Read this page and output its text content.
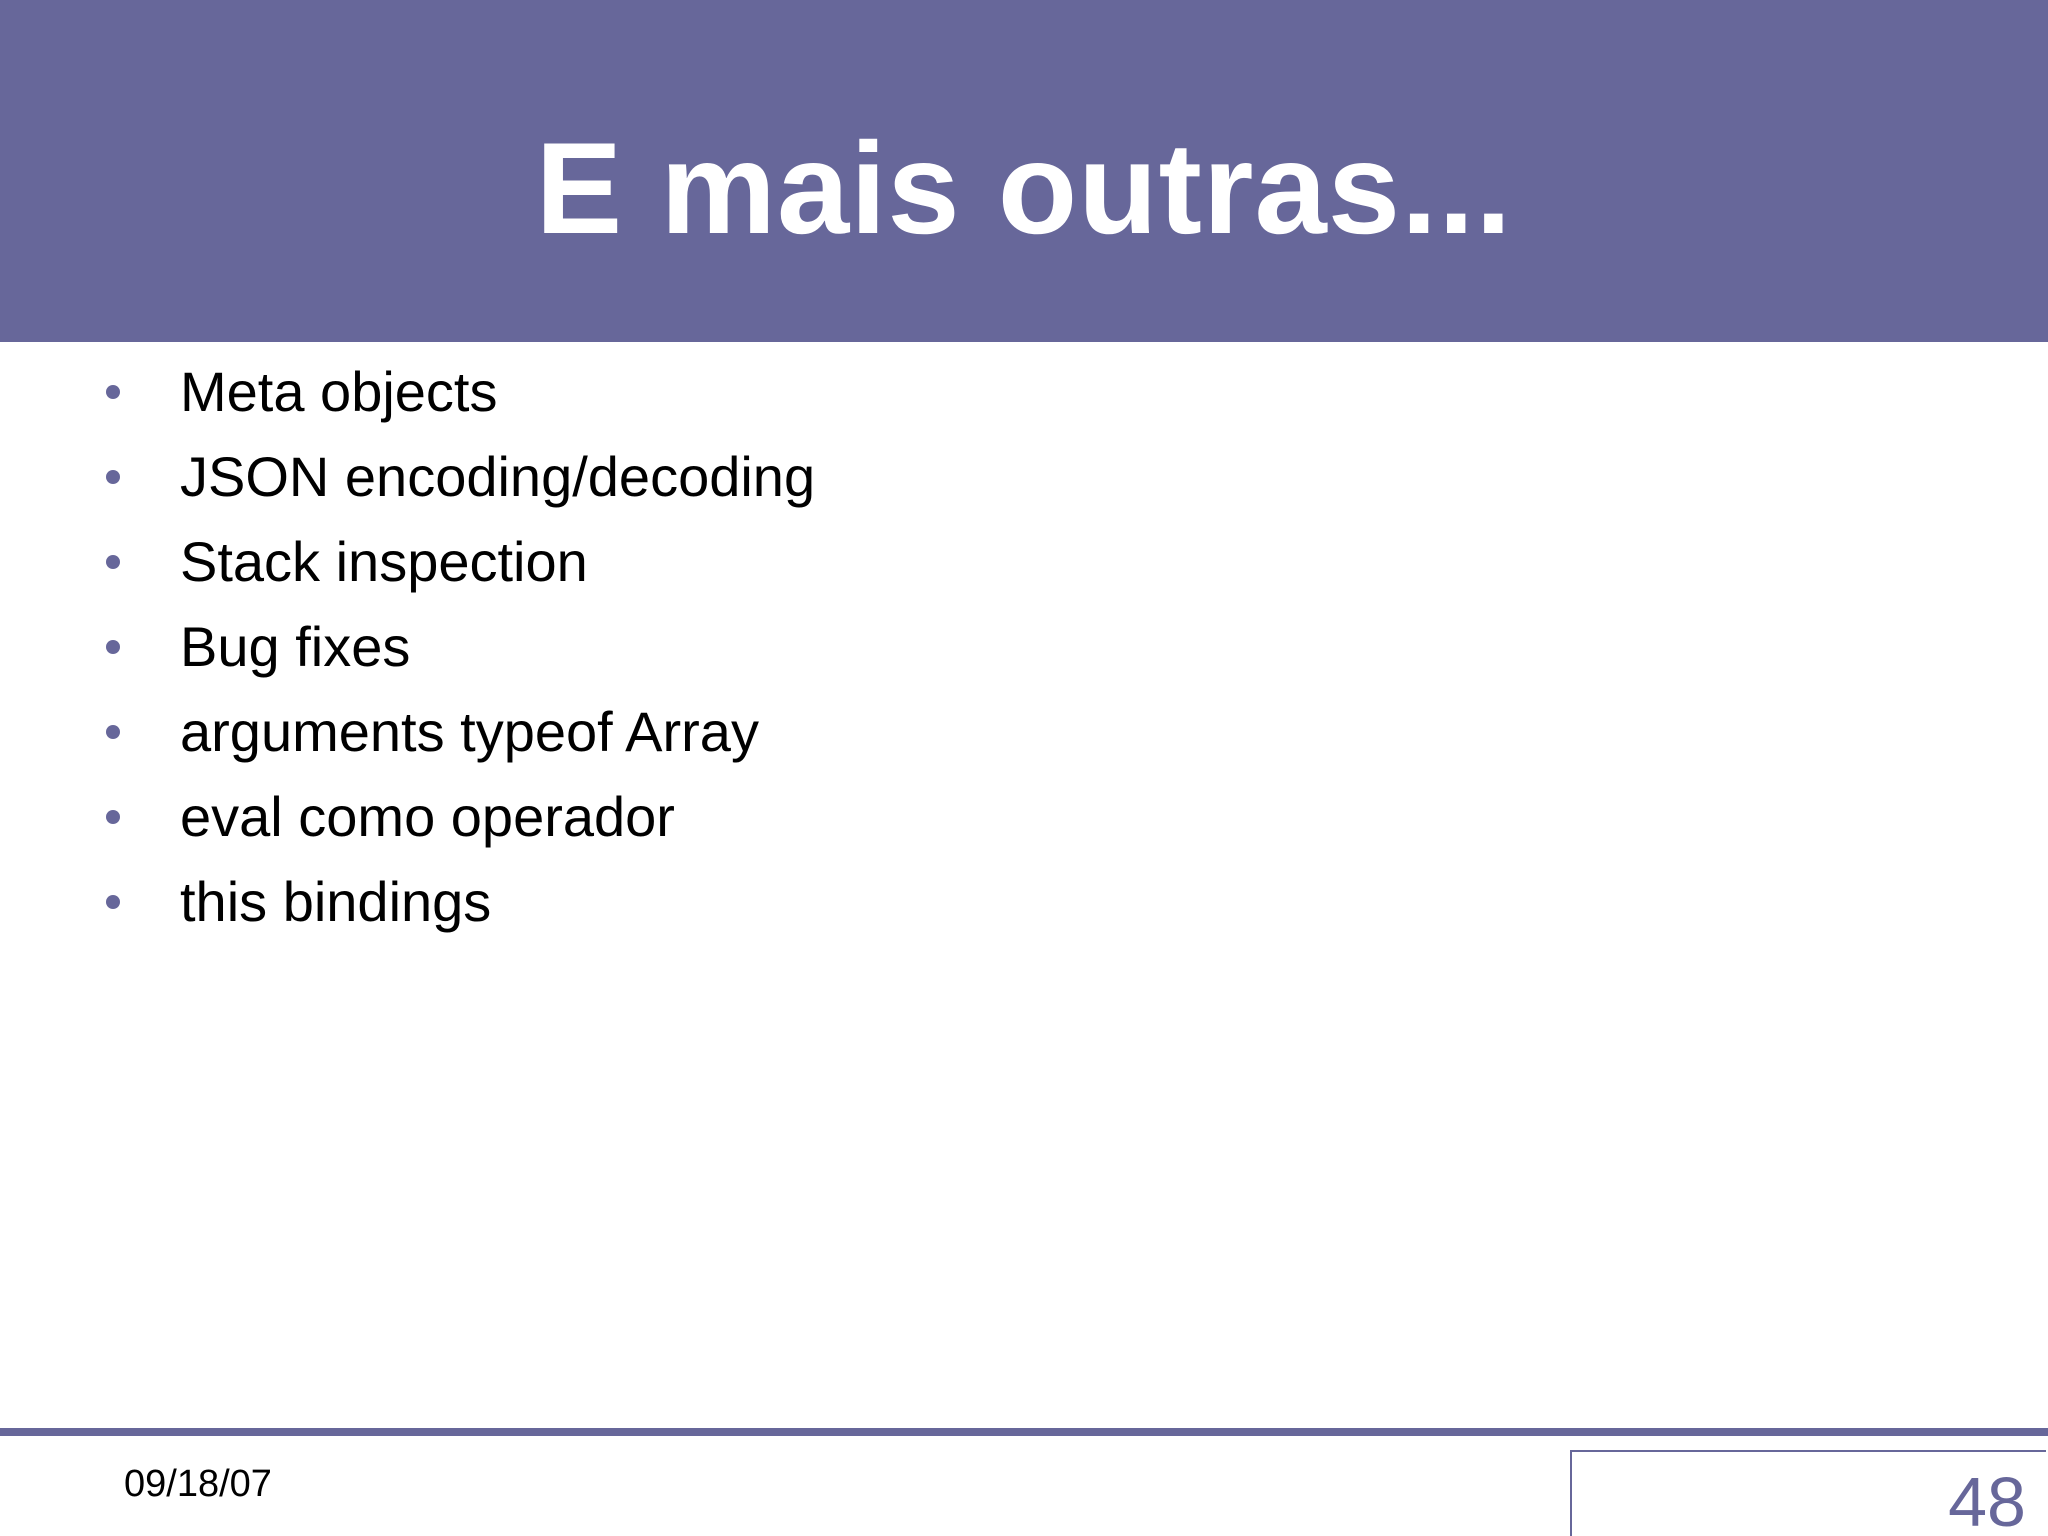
E mais outras...
Meta objects
JSON encoding/decoding
Stack inspection
Bug fixes
arguments typeof Array
eval como operador
this bindings
09/18/07	48
